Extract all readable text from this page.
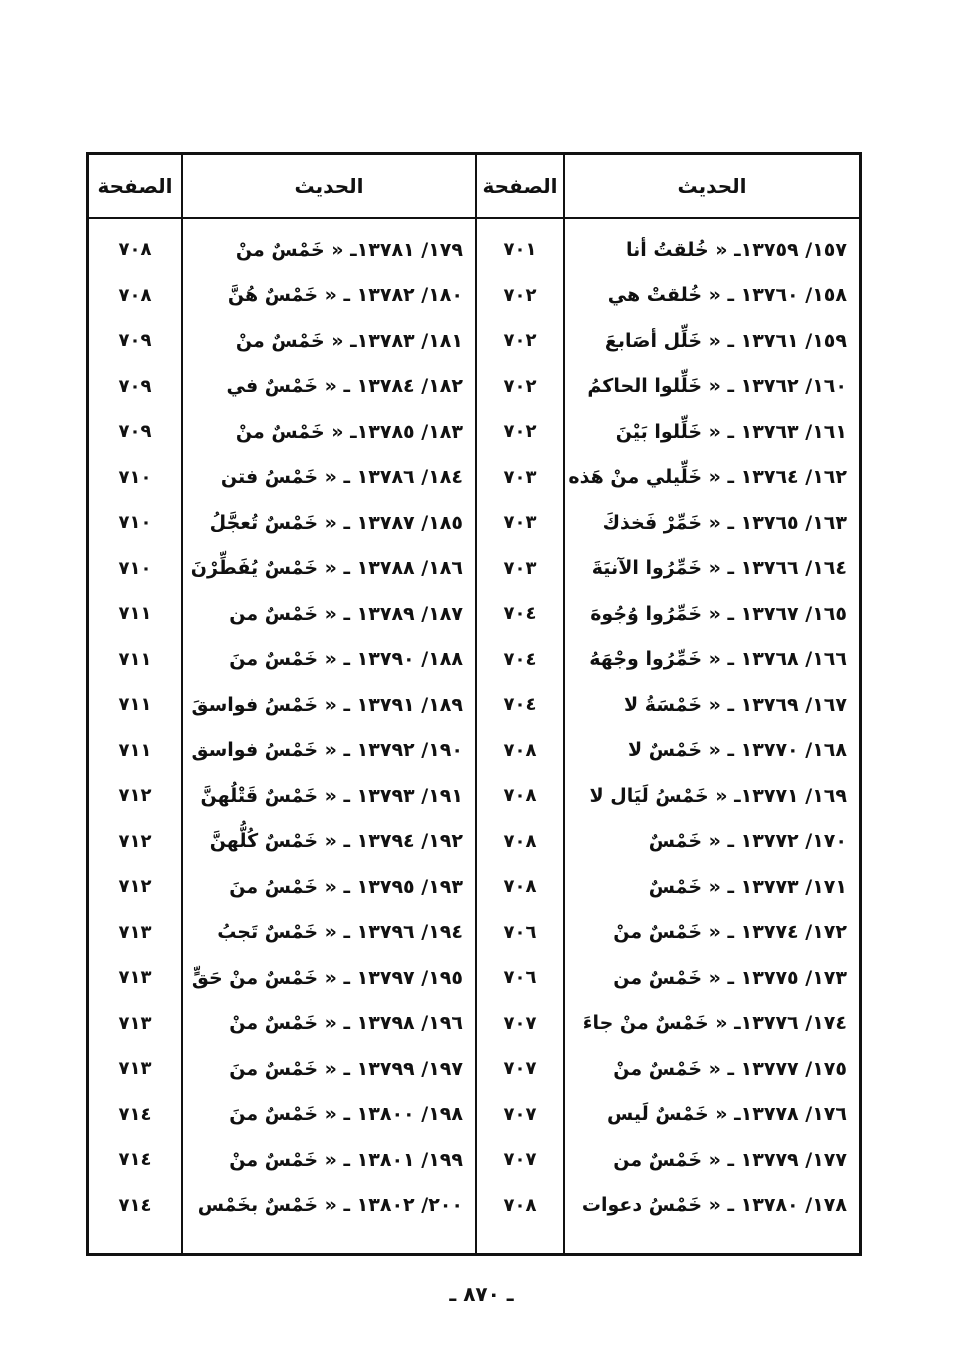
الحديث
١٥٧/ ١٣٧٥٩ـ « خُلقتُ أنا
١٥٨/ ١٣٧٦٠ ـ « خُلقتْ هي
١٥٩/ ١٣٧٦١ ـ « خَلِّل أصَابعَ
١٦٠/ ١٣٧٦٢ ـ « خَلِّلوا الحاكمُ
١٦١/ ١٣٧٦٣ ـ « خَلِّلوا بَيْنَ
١٦٢/ ١٣٧٦٤ ـ « خَلِّيلي منْ هَذه
١٦٣/ ١٣٧٦٥ ـ « خَمِّرْ فَخذكَ
١٦٤/ ١٣٧٦٦ ـ « خَمِّرُوا الآنيَةَ
١٦٥/ ١٣٧٦٧ ـ « خَمِّرُوا وُجُوهَ
١٦٦/ ١٣٧٦٨ ـ « خَمِّرُوا وجْهَهُ
١٦٧/ ١٣٧٦٩ ـ « خَمْسَةُ لا
١٦٨/ ١٣٧٧٠ ـ « خَمْسٌ لا
١٦٩/ ١٣٧٧١ـ « خَمْسُ لَيَال لا
١٧٠/ ١٣٧٧٢ ـ « خَمْسٌ
١٧١/ ١٣٧٧٣ ـ « خَمْسٌ
١٧٢/ ١٣٧٧٤ ـ « خَمْسٌ منْ
١٧٣/ ١٣٧٧٥ ـ « خَمْسٌ من
١٧٤/ ١٣٧٧٦ـ « خَمْسٌ منْ جاءَ
١٧٥/ ١٣٧٧٧ ـ « خَمْسٌ منْ
١٧٦/ ١٣٧٧٨ـ « خَمْسٌ لَيس
١٧٧/ ١٣٧٧٩ ـ « خَمْسٌ من
١٧٨/ ١٣٧٨٠ ـ « خَمْسُ دعوات
الصفحة
٧٠١
٧٠٢
٧٠٢
٧٠٢
٧٠٢
٧٠٣
٧٠٣
٧٠٣
٧٠٤
٧٠٤
٧٠٤
٧٠٨
٧٠٨
٧٠٨
٧٠٨
٧٠٦
٧٠٦
٧٠٧
٧٠٧
٧٠٧
٧٠٧
٧٠٨
الحديث
١٧٩/ ١٣٧٨١ـ « خَمْسٌ منْ
١٨٠/ ١٣٧٨٢ ـ « خَمْسٌ هُنَّ
١٨١/ ١٣٧٨٣ـ « خَمْسٌ منْ
١٨٢/ ١٣٧٨٤ ـ « خَمْسٌ في
١٨٣/ ١٣٧٨٥ـ « خَمْسٌ منْ
١٨٤/ ١٣٧٨٦ ـ « خَمْسُ فتن
١٨٥/ ١٣٧٨٧ ـ « خَمْسٌ تُعجَّلُ
١٨٦/ ١٣٧٨٨ ـ « خَمْسٌ يُفَطِّرْنَ
١٨٧/ ١٣٧٨٩ ـ « خَمْسٌ من
١٨٨/ ١٣٧٩٠ ـ « خَمْسٌ منَ
١٨٩/ ١٣٧٩١ ـ « خَمْسُ فواسقَ
١٩٠/ ١٣٧٩٢ ـ « خَمْسُ فواسق
١٩١/ ١٣٧٩٣ ـ « خَمْسٌ قَتْلُهنَّ
١٩٢/ ١٣٧٩٤ ـ « خَمْسٌ كُلُّهنَّ
١٩٣/ ١٣٧٩٥ ـ « خَمْسُ منَ
١٩٤/ ١٣٧٩٦ ـ « خَمْسٌ تَجبُ
١٩٥/ ١٣٧٩٧ ـ « خَمْسٌ منْ حَقٍّ
١٩٦/ ١٣٧٩٨ ـ « خَمْسٌ منْ
١٩٧/ ١٣٧٩٩ ـ « خَمْسٌ منَ
١٩٨/ ١٣٨٠٠ ـ « خَمْسٌ منَ
١٩٩/ ١٣٨٠١ ـ « خَمْسٌ منْ
٢٠٠/ ١٣٨٠٢ ـ « خَمْسٌ بخَمْس
الصفحة
٧٠٨
٧٠٨
٧٠٩
٧٠٩
٧٠٩
٧١٠
٧١٠
٧١٠
٧١١
٧١١
٧١١
٧١١
٧١٢
٧١٢
٧١٢
٧١٣
٧١٣
٧١٣
٧١٣
٧١٤
٧١٤
٧١٤
ـ ٨٧٠ ـ
